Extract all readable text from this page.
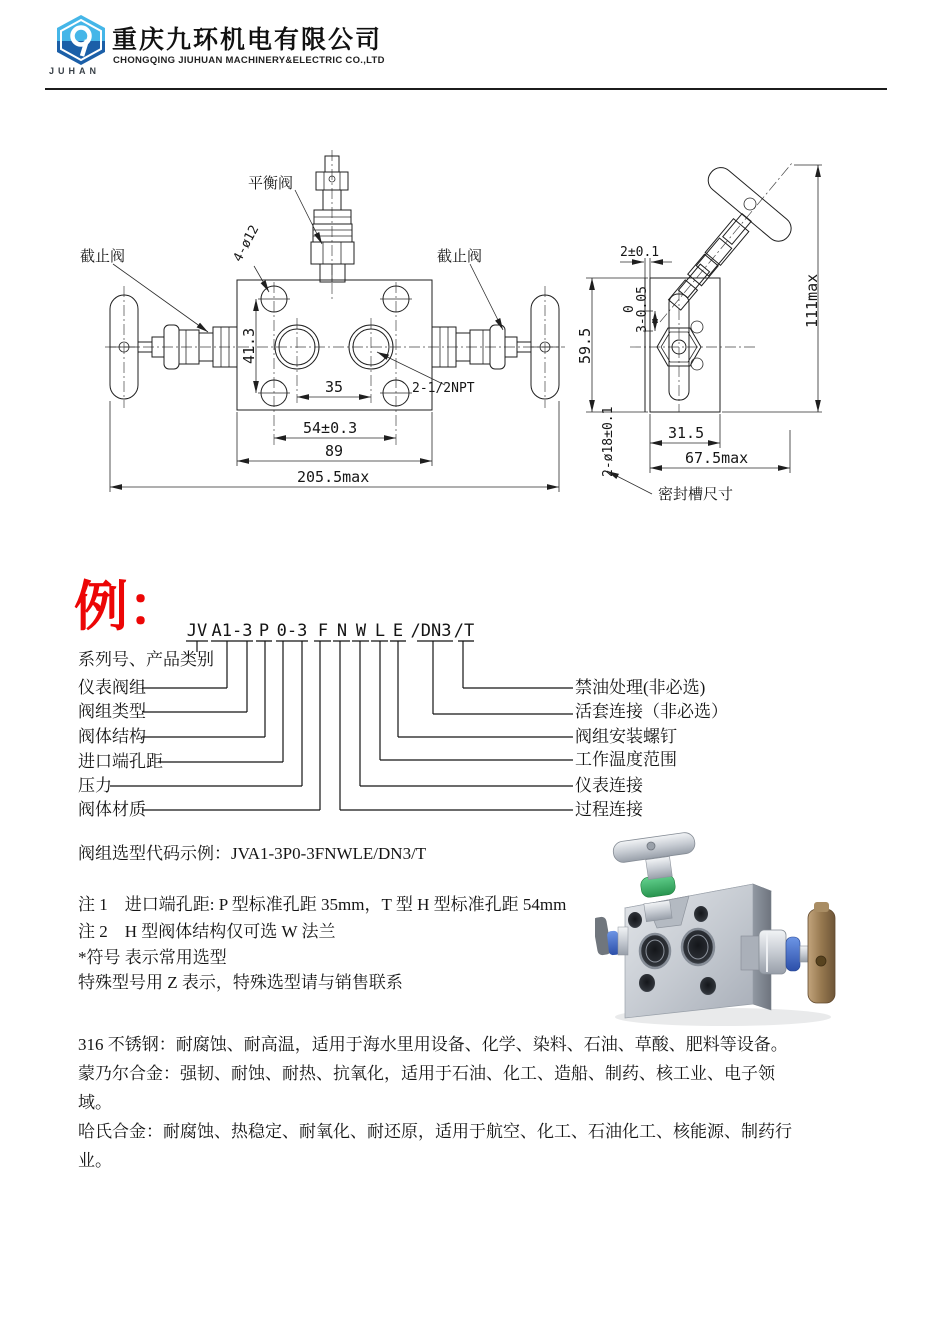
JUHAN
重庆九环机电有限公司
CHONGQING JIUHUAN MACHINERY&ELECTRIC CO.,LTD
平衡阀
截止阀	截止阀
4-ø12
2-1/2NPT
41.3
35
54±0.3
89
205.5max
2±0.1
0
3-0.05
59.5
111max
31.5
67.5max
2-ø18±0.1
密封槽尺寸
例： JV A1-3 P 0-3 F N W L E /DN3 /T
系列号、产品类别
仪表阀组
阀组类型
阀体结构
进口端孔距
压力
阀体材质
禁油处理(非必选)
活套连接（非必选）
阀组安装螺钉
工作温度范围
仪表连接
过程连接
阀组选型代码示例：JVA1-3P0-3FNWLE/DN3/T
注 1　进口端孔距: P 型标准孔距 35mm，T 型 H 型标准孔距 54mm
注 2　H 型阀体结构仅可选 W 法兰
*符号 表示常用选型
特殊型号用 Z 表示，特殊选型请与销售联系

316 不锈钢：耐腐蚀、耐高温，适用于海水里用设备、化学、染料、石油、草酸、肥料等设备。

蒙乃尔合金：强韧、耐蚀、耐热、抗氧化，适用于石油、化工、造船、制药、核工业、电子领域。

哈氏合金：耐腐蚀、热稳定、耐氧化、耐还原，适用于航空、化工、石油化工、核能源、制药行业。
